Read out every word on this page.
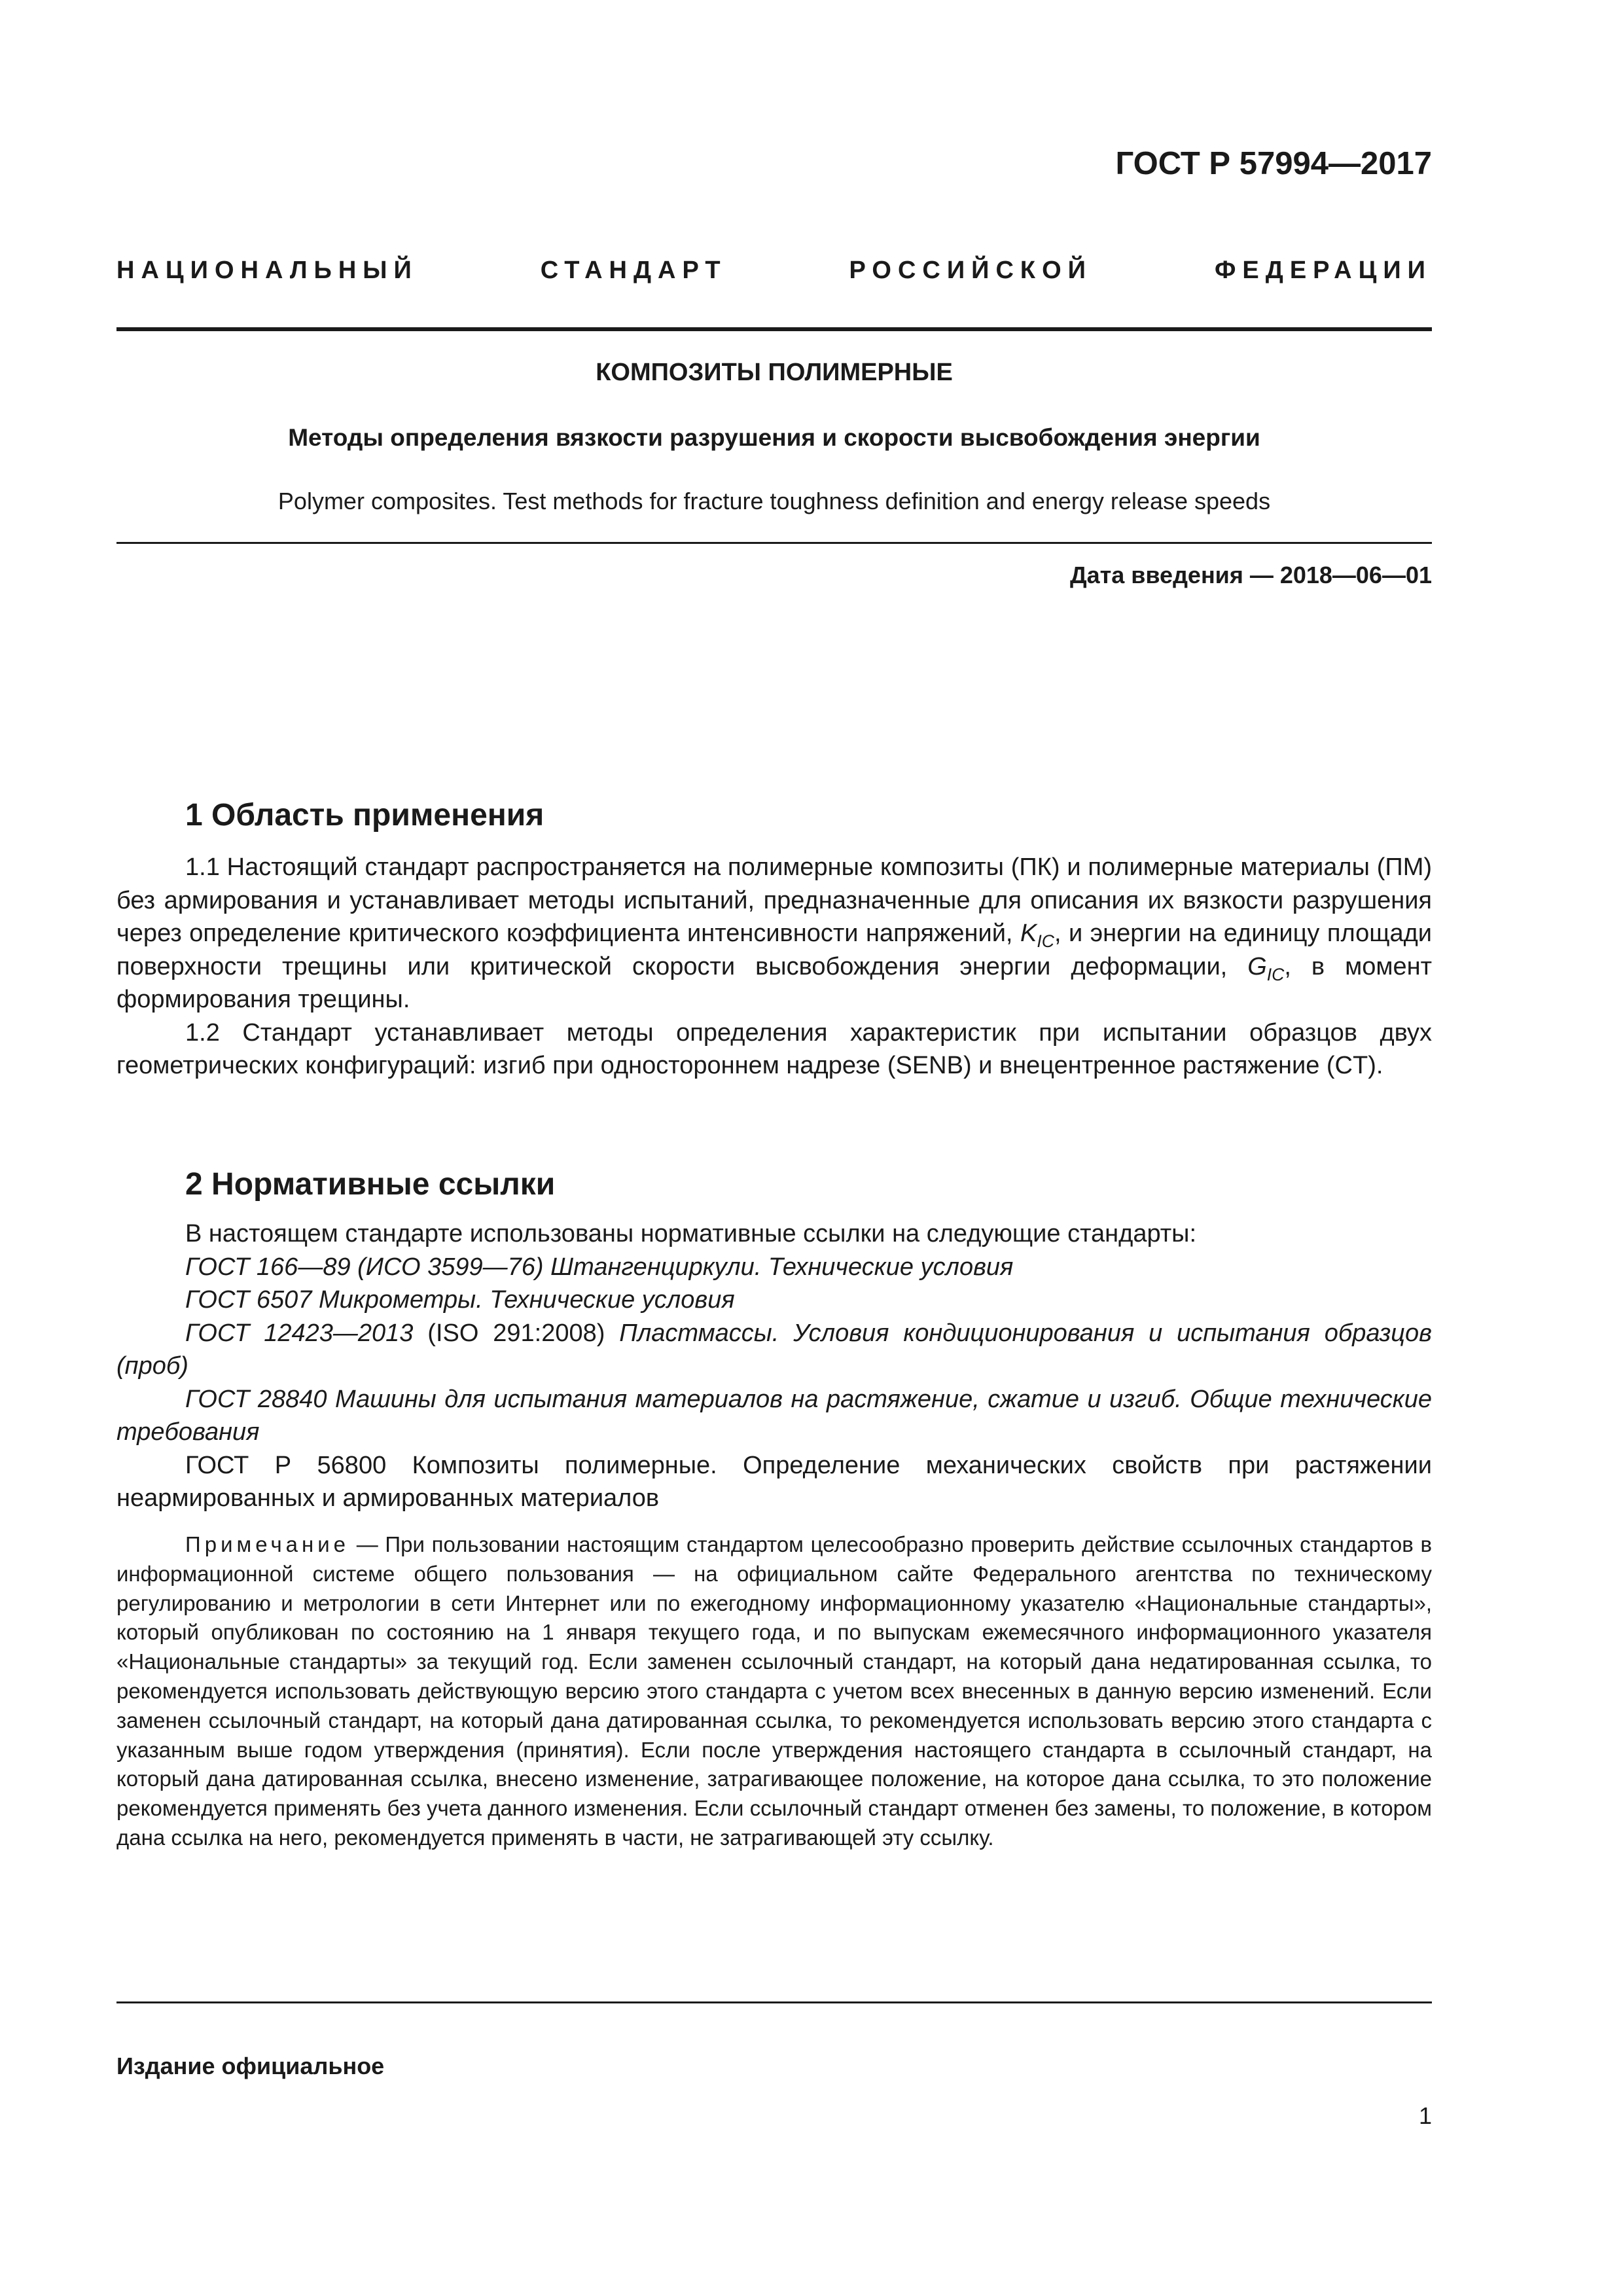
ГОСТ Р 57994—2017
НАЦИОНАЛЬНЫЙ СТАНДАРТ РОССИЙСКОЙ ФЕДЕРАЦИИ
КОМПОЗИТЫ ПОЛИМЕРНЫЕ
Методы определения вязкости разрушения и скорости высвобождения энергии
Polymer composites. Test methods for fracture toughness definition and energy release speeds
Дата введения — 2018—06—01
1 Область применения

1.1 Настоящий стандарт распространяется на полимерные композиты (ПК) и полимерные материалы (ПМ) без армирования и устанавливает методы испытаний, предназначенные для описания их вязкости разрушения через определение критического коэффициента интенсивности напряжений, $K_{IC}$, и энергии на единицу площади поверхности трещины или критической скорости высвобождения энергии деформации, $G_{IC}$, в момент формирования трещины.

1.2 Стандарт устанавливает методы определения характеристик при испытании образцов двух геометрических конфигураций: изгиб при одностороннем надрезе (SENB) и внецентренное растяжение (CT).

2 Нормативные ссылки

В настоящем стандарте использованы нормативные ссылки на следующие стандарты:

ГОСТ 166—89 (ИСО 3599—76) Штангенциркули. Технические условия

ГОСТ 6507 Микрометры. Технические условия

ГОСТ 12423—2013 (ISO 291:2008) Пластмассы. Условия кондиционирования и испытания образцов (проб)

ГОСТ 28840 Машины для испытания материалов на растяжение, сжатие и изгиб. Общие технические требования

ГОСТ Р 56800 Композиты полимерные. Определение механических свойств при растяжении неармированных и армированных материалов

Примечание — При пользовании настоящим стандартом целесообразно проверить действие ссылочных стандартов в информационной системе общего пользования — на официальном сайте Федерального агентства по техническому регулированию и метрологии в сети Интернет или по ежегодному информационному указателю «Национальные стандарты», который опубликован по состоянию на 1 января текущего года, и по выпускам ежемесячного информационного указателя «Национальные стандарты» за текущий год. Если заменен ссылочный стандарт, на который дана недатированная ссылка, то рекомендуется использовать действующую версию этого стандарта с учетом всех внесенных в данную версию изменений. Если заменен ссылочный стандарт, на который дана датированная ссылка, то рекомендуется использовать версию этого стандарта с указанным выше годом утверждения (принятия). Если после утверждения настоящего стандарта в ссылочный стандарт, на который дана датированная ссылка, внесено изменение, затрагивающее положение, на которое дана ссылка, то это положение рекомендуется применять без учета данного изменения. Если ссылочный стандарт отменен без замены, то положение, в котором дана ссылка на него, рекомендуется применять в части, не затрагивающей эту ссылку.

Издание официальное
1
